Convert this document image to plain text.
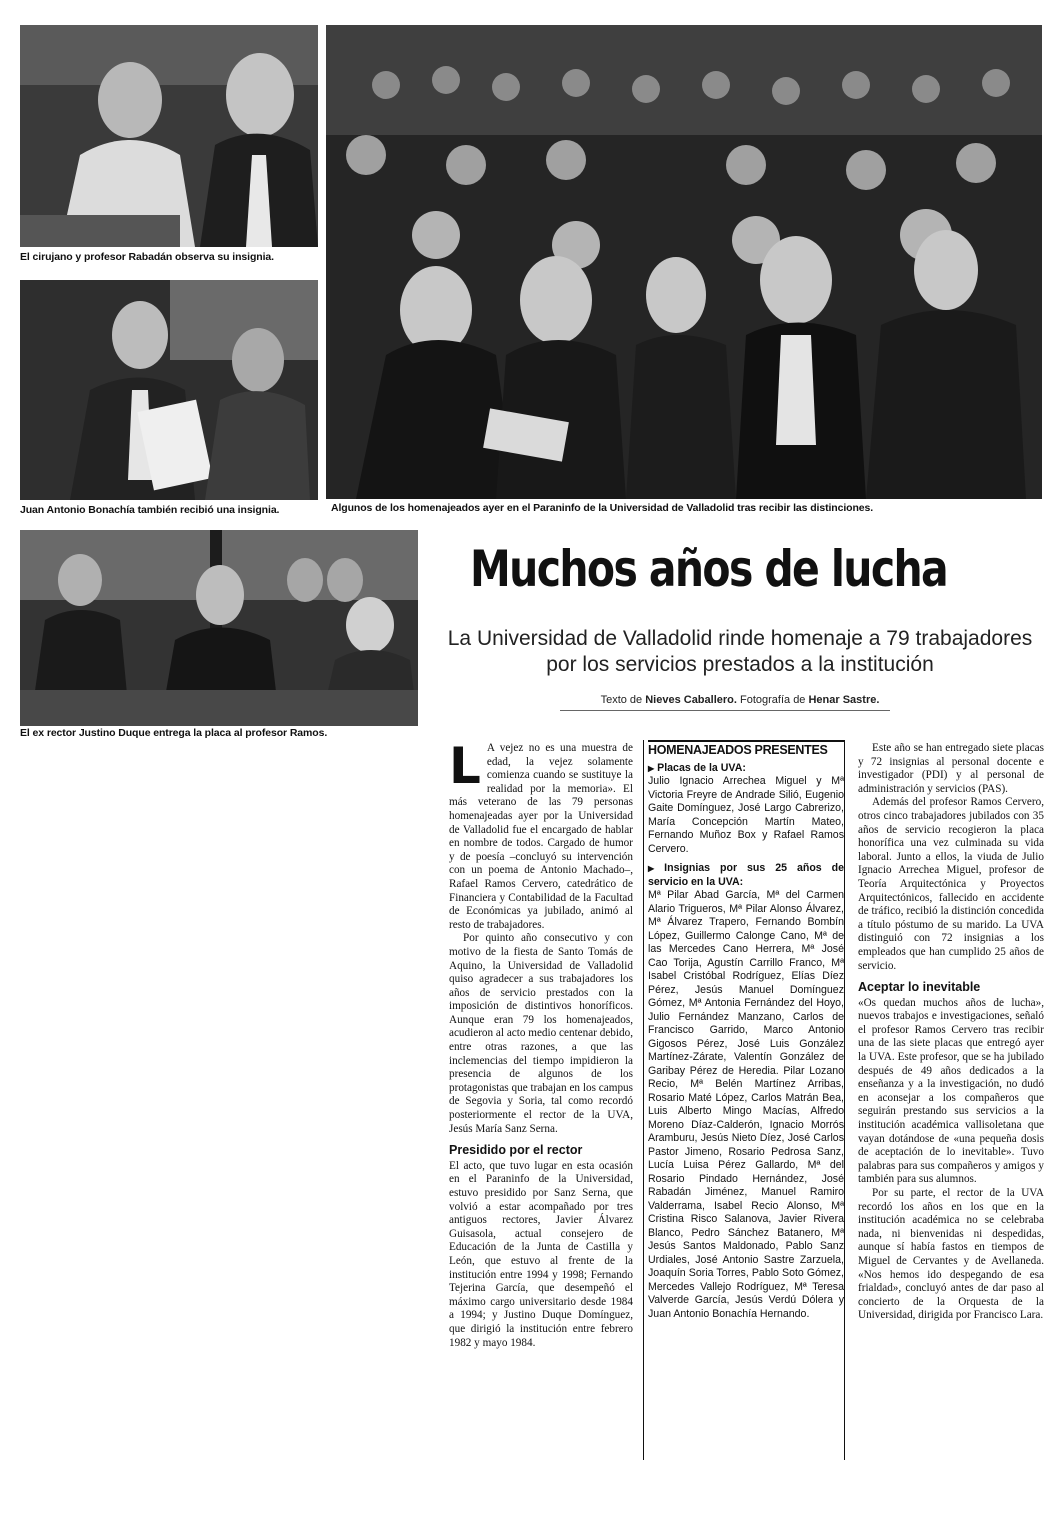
El cirujano y profesor Rabadán observa su insignia.
Juan Antonio Bonachía también recibió una insignia.	Algunos de los homenajeados ayer en el Paraninfo de la Universidad de Valladolid tras recibir las distinciones.
El ex rector Justino Duque entrega la placa al profesor Ramos.
Muchos años de lucha
La Universidad de Valladolid rinde homenaje a 79 trabajadores por los servicios prestados a la institución
Texto de Nieves Caballero. Fotografía de Henar Sastre.

L A vejez no es una muestra de edad, la vejez solamente comienza cuando se sustituye la realidad por la memoria». El más veterano de las 79 personas homenajeadas ayer por la Universidad de Valladolid fue el encargado de hablar en nombre de todos. Cargado de humor y de poesía –concluyó su intervención con un poema de Antonio Machado–, Rafael Ramos Cervero, catedrático de Financiera y Contabilidad de la Facultad de Económicas ya jubilado, animó al resto de trabajadores.

Por quinto año consecutivo y con motivo de la fiesta de Santo Tomás de Aquino, la Universidad de Valladolid quiso agradecer a sus trabajadores los años de servicio prestados con la imposición de distintivos honoríficos. Aunque eran 79 los homenajeados, acudieron al acto medio centenar debido, entre otras razones, a que las inclemencias del tiempo impidieron la presencia de algunos de los protagonistas que trabajan en los campus de Segovia y Soria, tal como recordó posteriormente el rector de la UVA, Jesús María Sanz Serna.

Presidido por el rector

El acto, que tuvo lugar en esta ocasión en el Paraninfo de la Universidad, estuvo presidido por Sanz Serna, que volvió a estar acompañado por tres antiguos rectores, Javier Álvarez Guisasola, actual consejero de Educación de la Junta de Castilla y León, que estuvo al frente de la institución entre 1994 y 1998; Fernando Tejerina García, que desempeñó el máximo cargo universitario desde 1984 a 1994; y Justino Duque Domínguez, que dirigió la institución entre febrero 1982 y mayo 1984.

HOMENAJEADOS PRESENTES
▶ Placas de la UVA:
Julio Ignacio Arrechea Miguel y Mª Victoria Freyre de Andrade Silió, Eugenio Gaite Domínguez, José Largo Cabrerizo, María Concepción Martín Mateo, Fernando Muñoz Box y Rafael Ramos Cervero.
▶ Insignias por sus 25 años de servicio en la UVA:
Mª Pilar Abad García, Mª del Carmen Alario Trigueros, Mª Pilar Alonso Álvarez, Mª Álvarez Trapero, Fernando Bombín López, Guillermo Calonge Cano, Mª de las Mercedes Cano Herrera, Mª José Cao Torija, Agustín Carrillo Franco, Mª Isabel Cristóbal Rodríguez, Elías Díez Pérez, Jesús Manuel Domínguez Gómez, Mª Antonia Fernández del Hoyo, Julio Fernández Manzano, Carlos de Francisco Garrido, Marco Antonio Gigosos Pérez, José Luis González Martínez-Zárate, Valentín González de Garibay Pérez de Heredia. Pilar Lozano Recio, Mª Belén Martínez Arribas, Rosario Maté López, Carlos Matrán Bea, Luis Alberto Mingo Macías, Alfredo Moreno Díaz-Calderón, Ignacio Morrós Aramburu, Jesús Nieto Díez, José Carlos Pastor Jimeno, Rosario Pedrosa Sanz, Lucía Luisa Pérez Gallardo, Mª del Rosario Pindado Hernández, José Rabadán Jiménez, Manuel Ramiro Valderrama, Isabel Recio Alonso, Mª Cristina Risco Salanova, Javier Rivera Blanco, Pedro Sánchez Batanero, Mª Jesús Santos Maldonado, Pablo Sanz Urdiales, José Antonio Sastre Zarzuela, Joaquín Soria Torres, Pablo Soto Gómez, Mercedes Vallejo Rodríguez, Mª Teresa Valverde García, Jesús Verdú Dólera y Juan Antonio Bonachía Hernando.

Este año se han entregado siete placas y 72 insignias al personal docente e investigador (PDI) y al personal de administración y servicios (PAS).

Además del profesor Ramos Cervero, otros cinco trabajadores jubilados con 35 años de servicio recogieron la placa honorífica una vez culminada su vida laboral. Junto a ellos, la viuda de Julio Ignacio Arrechea Miguel, profesor de Teoría Arquitectónica y Proyectos Arquitectónicos, fallecido en accidente de tráfico, recibió la distinción concedida a título póstumo de su marido. La UVA distinguió con 72 insignias a los empleados que han cumplido 25 años de servicio.

Aceptar lo inevitable

«Os quedan muchos años de lucha», nuevos trabajos e investigaciones, señaló el profesor Ramos Cervero tras recibir una de las siete placas que entregó ayer la UVA. Este profesor, que se ha jubilado después de 49 años dedicados a la enseñanza y a la investigación, no dudó en aconsejar a los compañeros que seguirán prestando sus servicios a la institución académica vallisoletana que vayan dotándose de «una pequeña dosis de aceptación de lo inevitable». Tuvo palabras para sus compañeros y amigos y también para sus alumnos.

Por su parte, el rector de la UVA recordó los años en los que en la institución académica no se celebraba nada, ni bienvenidas ni despedidas, aunque sí había fastos en tiempos de Miguel de Cervantes y de Avellaneda. «Nos hemos ido despegando de esa frialdad», concluyó antes de dar paso al concierto de la Orquesta de la Universidad, dirigida por Francisco Lara.
